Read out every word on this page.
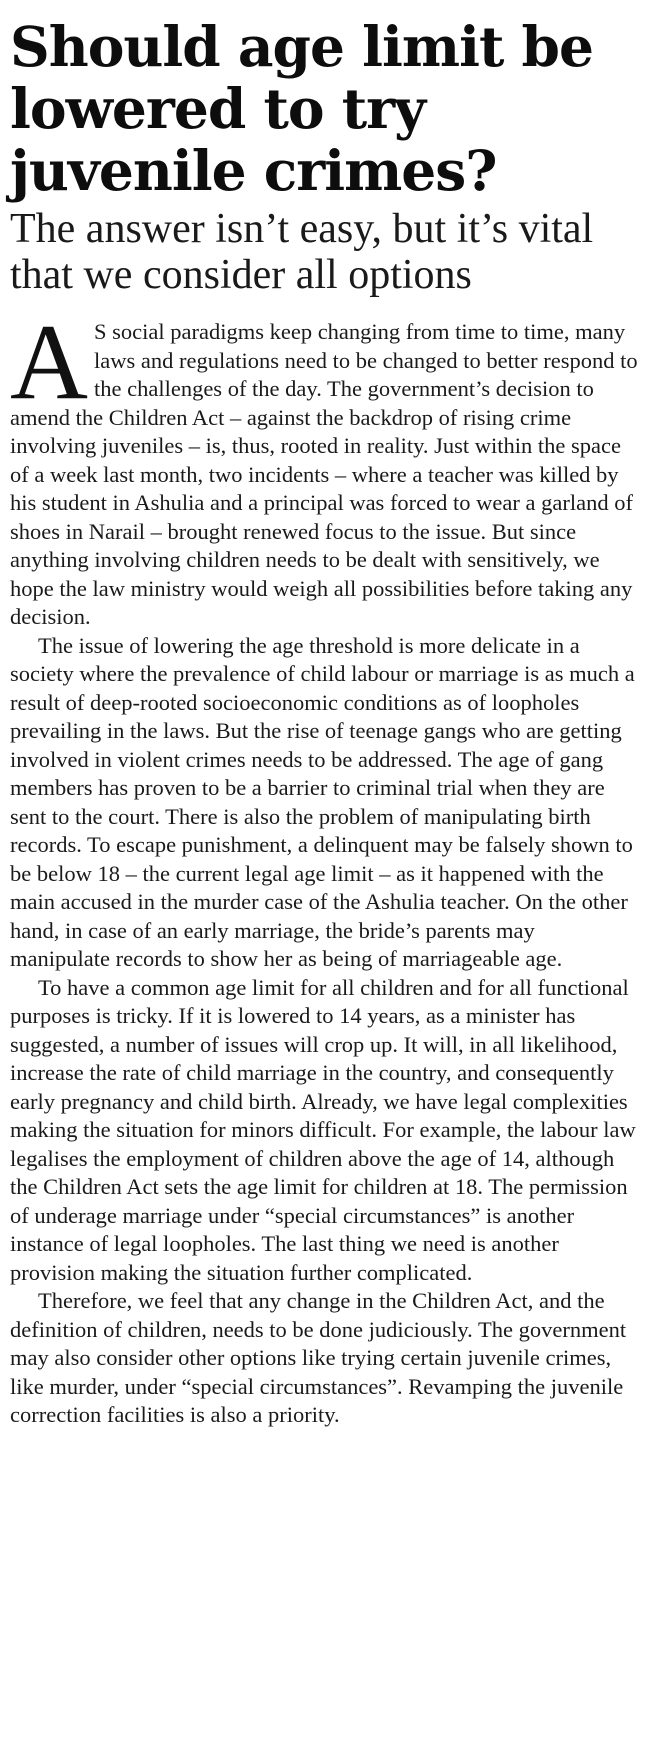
Should age limit be lowered to try juvenile crimes?
The answer isn’t easy, but it’s vital that we consider all options

A S social paradigms keep changing from time to time, many laws and regulations need to be changed to better respond to the challenges of the day. The government’s decision to amend the Children Act – against the backdrop of rising crime involving juveniles – is, thus, rooted in reality. Just within the space of a week last month, two incidents – where a teacher was killed by his student in Ashulia and a principal was forced to wear a garland of shoes in Narail – brought renewed focus to the issue. But since anything involving children needs to be dealt with sensitively, we hope the law ministry would weigh all possibilities before taking any decision.

The issue of lowering the age threshold is more delicate in a society where the prevalence of child labour or marriage is as much a result of deep-rooted socioeconomic conditions as of loopholes prevailing in the laws. But the rise of teenage gangs who are getting involved in violent crimes needs to be addressed. The age of gang members has proven to be a barrier to criminal trial when they are sent to the court. There is also the problem of manipulating birth records. To escape punishment, a delinquent may be falsely shown to be below 18 – the current legal age limit – as it happened with the main accused in the murder case of the Ashulia teacher. On the other hand, in case of an early marriage, the bride’s parents may manipulate records to show her as being of marriageable age.

To have a common age limit for all children and for all functional purposes is tricky. If it is lowered to 14 years, as a minister has suggested, a number of issues will crop up. It will, in all likelihood, increase the rate of child marriage in the country, and consequently early pregnancy and child birth. Already, we have legal complexities making the situation for minors difficult. For example, the labour law legalises the employment of children above the age of 14, although the Children Act sets the age limit for children at 18. The permission of underage marriage under “special circumstances” is another instance of legal loopholes. The last thing we need is another provision making the situation further complicated.

Therefore, we feel that any change in the Children Act, and the definition of children, needs to be done judiciously. The government may also consider other options like trying certain juvenile crimes, like murder, under “special circumstances”. Revamping the juvenile correction facilities is also a priority.
